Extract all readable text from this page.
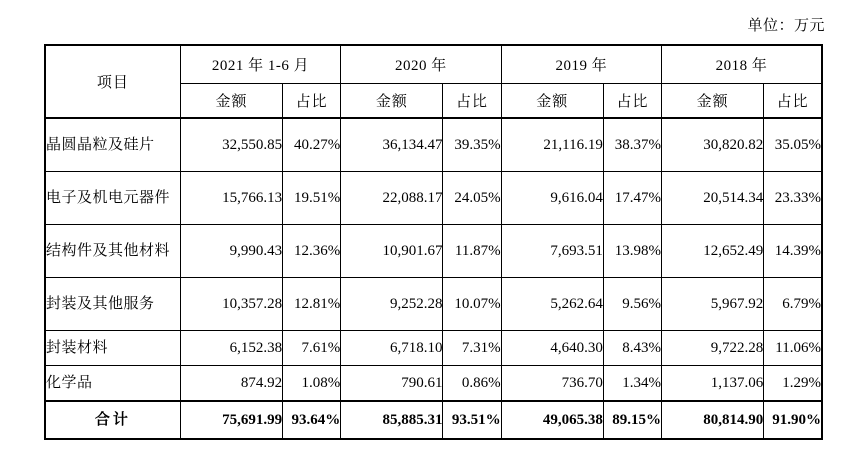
单位：万元
项目	2021 年 1-6 月		2020 年		2019 年		2018 年	
	金额	占比	金额	占比	金额	占比	金额	占比
晶圆晶粒及硅片	32,550.85	40.27%	36,134.47	39.35%	21,116.19	38.37%	30,820.82	35.05%
电子及机电元器件	15,766.13	19.51%	22,088.17	24.05%	9,616.04	17.47%	20,514.34	23.33%
结构件及其他材料	9,990.43	12.36%	10,901.67	11.87%	7,693.51	13.98%	12,652.49	14.39%
封装及其他服务	10,357.28	12.81%	9,252.28	10.07%	5,262.64	9.56%	5,967.92	6.79%
封装材料	6,152.38	7.61%	6,718.10	7.31%	4,640.30	8.43%	9,722.28	11.06%
化学品	874.92	1.08%	790.61	0.86%	736.70	1.34%	1,137.06	1.29%
合计	75,691.99	93.64%	85,885.31	93.51%	49,065.38	89.15%	80,814.90	91.90%
